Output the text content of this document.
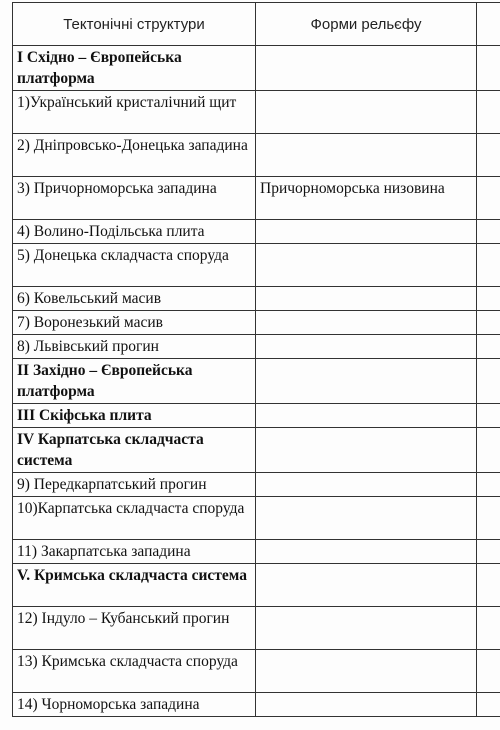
Тектонічні структури	Форми рельєфу	
І Східно – Європейська платформа		
1)Український кристалічний щит		
2) Дніпровсько-Донецька западина		
3) Причорноморська западина	Причорноморська низовина	
4) Волино-Подільська плита		
5) Донецька складчаста споруда		
6) Ковельський масив		
7) Воронезький масив		
8) Львівський прогин		
ІІ Західно – Європейська платформа		
ІІІ Скіфська плита		
ІV Карпатська складчаста система		
9) Передкарпатський прогин		
10)Карпатська складчаста споруда		
11) Закарпатська западина		
V. Кримська складчаста система		
12) Індуло – Кубанський прогин		
13) Кримська складчаста споруда		
14) Чорноморська западина		
